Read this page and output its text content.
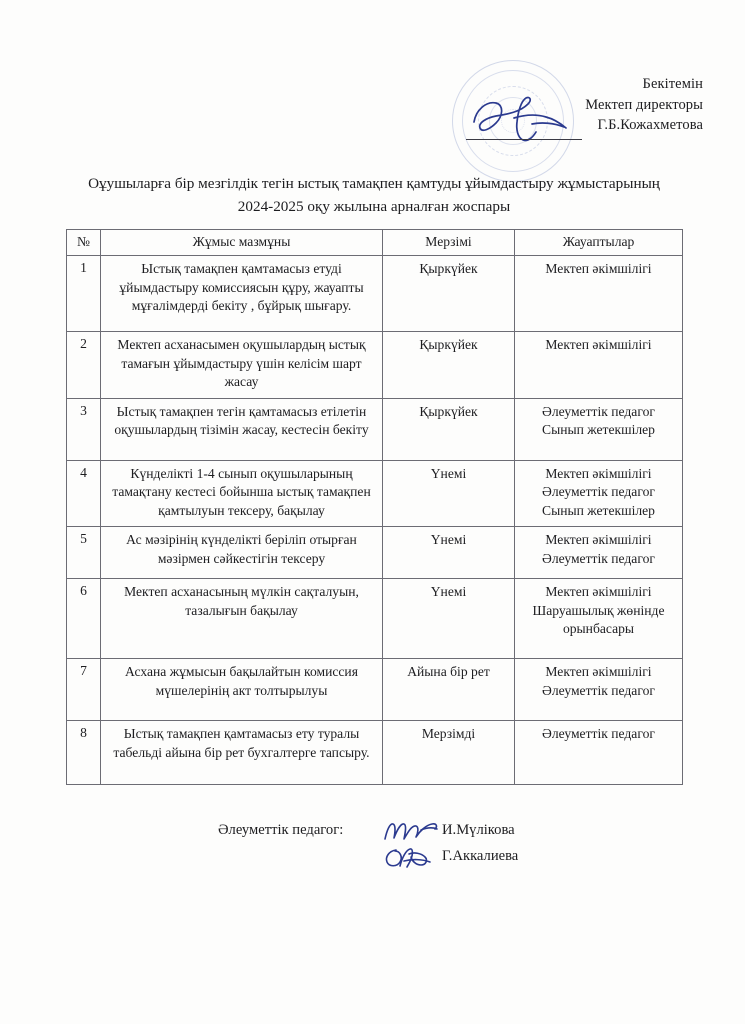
Бекітемін
Мектеп директоры
Г.Б.Кожахметова
Оұушыларға бір мезгілдік тегін ыстық тамақпен қамтуды ұйымдастыру жұмыстарының 2024-2025 оқу жылына арналған жоспары
№	Жұмыс мазмұны	Мерзімі	Жауаптылар
1	Ыстық тамақпен қамтамасыз етуді ұйымдастыру комиссиясын құру, жауапты мұғалімдерді бекіту , бұйрық шығару.	Қыркүйек	Мектеп әкімшілігі
2	Мектеп асханасымен оқушылардың ыстық тамағын ұйымдастыру үшін келісім шарт жасау	Қыркүйек	Мектеп әкімшілігі
3	Ыстық тамақпен тегін қамтамасыз етілетін оқушылардың тізімін жасау, кестесін бекіту	Қыркүйек	Әлеуметтік педагог Сынып жетекшілер
4	Күнделікті 1-4 сынып оқушыларының тамақтану кестесі бойынша ыстық тамақпен қамтылуын тексеру, бақылау	Үнемі	Мектеп әкімшілігі Әлеуметтік педагог Сынып жетекшілер
5	Ас мәзірінің күнделікті беріліп отырған мәзірмен сәйкестігін тексеру	Үнемі	Мектеп әкімшілігі Әлеуметтік педагог
6	Мектеп асханасының мүлкін сақталуын, тазалығын бақылау	Үнемі	Мектеп әкімшілігі Шаруашылық жөнінде орынбасары
7	Асхана жұмысын бақылайтын комиссия мүшелерінің акт толтырылуы	Айына бір рет	Мектеп әкімшілігі Әлеуметтік педагог
8	Ыстық тамақпен қамтамасыз ету туралы табельді айына бір рет бухгалтерге тапсыру.	Мерзімді	Әлеуметтік педагог
Әлеуметтік педагог:	И.Мүлікова
Г.Аккалиева
